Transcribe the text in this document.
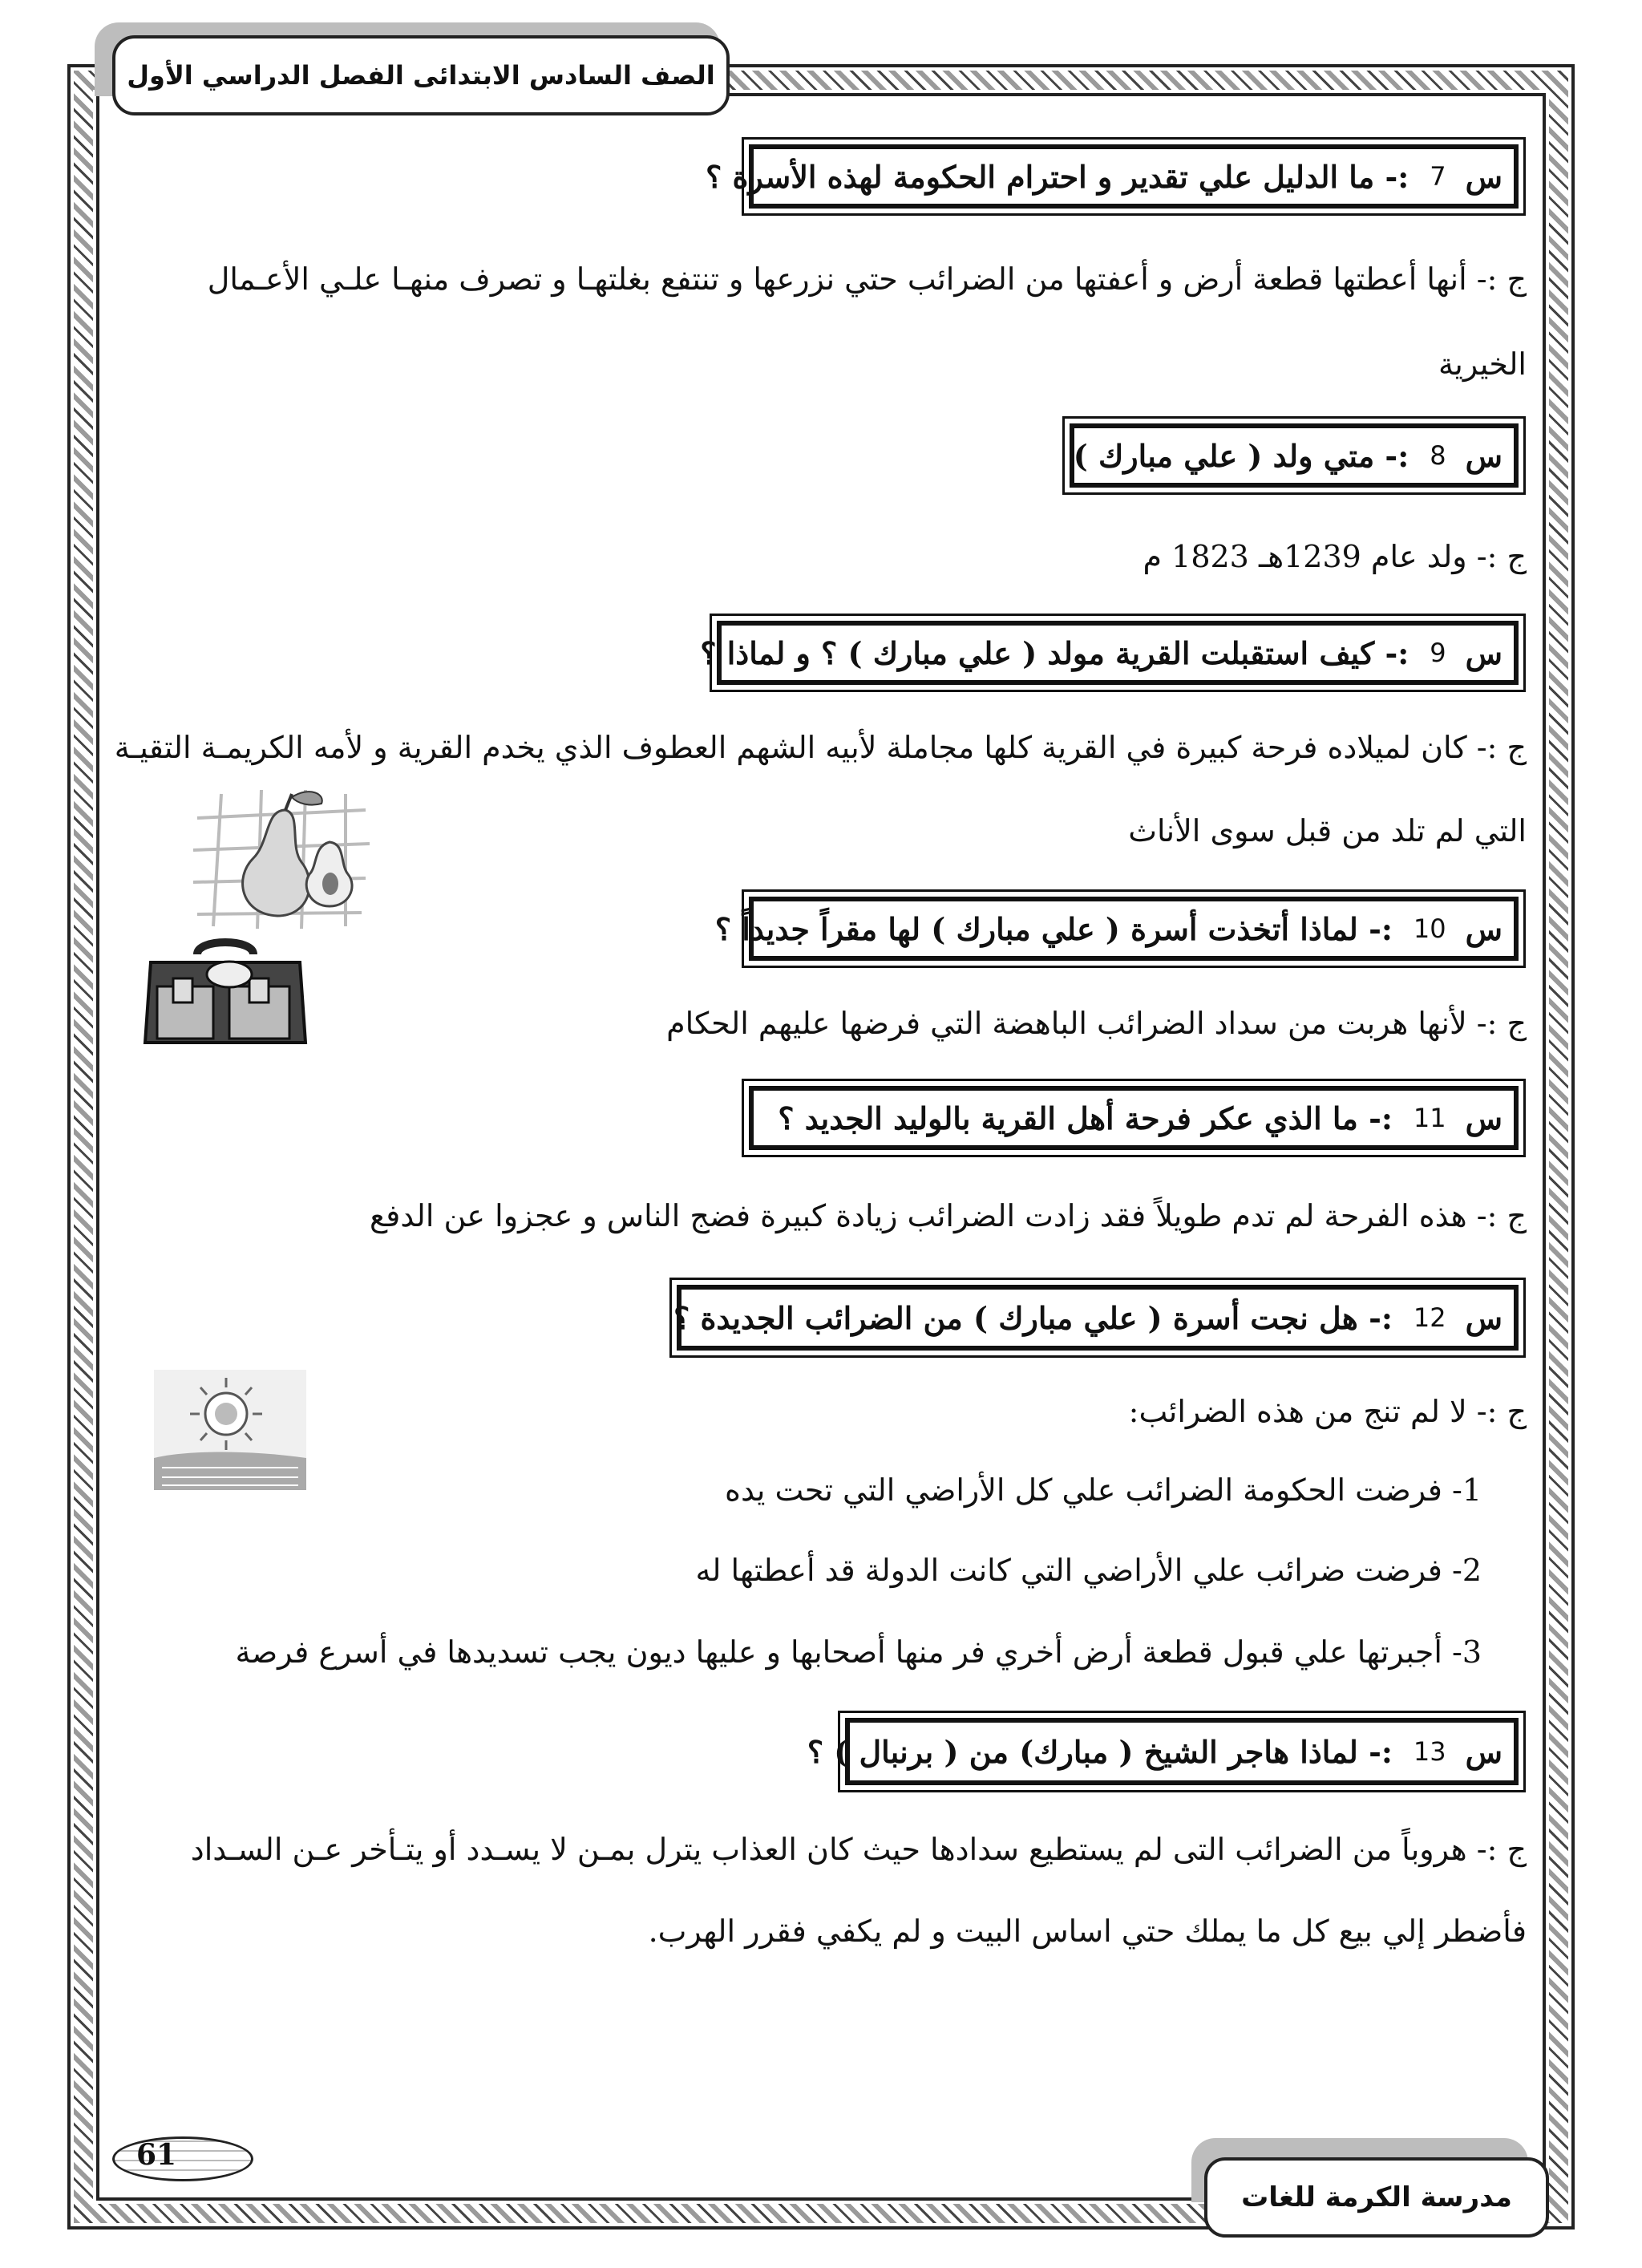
الصف السادس الابتدائى الفصل الدراسي الأول
س
7
:- ما الدليل علي تقدير و احترام الحكومة لهذه الأسرة ؟
ج :- أنها أعطتها قطعة أرض و أعفتها من الضرائب حتي نزرعها و تنتفع بغلتهـا و تصرف منهـا علـي الأعـمال
الخيرية
س
8
:- متي ولد ( علي مبارك )
ج :- ولد عام 1239هـ 1823 م
س
9
:- كيف استقبلت القرية مولد ( علي مبارك ) ؟ و لماذا ؟
ج :- كان لميلاده فرحة كبيرة في القرية كلها مجاملة لأبيه الشهم العطوف الذي يخدم القرية و لأمه الكريمـة التقيـة
التي لم تلد من قبل سوى الأناث
س
10
:- لماذا أتخذت أسرة ( علي مبارك ) لها مقراً جديداً ؟
ج :- لأنها هربت من سداد الضرائب الباهضة التي فرضها عليهم الحكام
س
11
:- ما الذي عكر فرحة أهل القرية بالوليد الجديد ؟
ج :- هذه الفرحة لم تدم طويلاً فقد زادت الضرائب زيادة كبيرة فضج الناس و عجزوا عن الدفع
س
12
:- هل نجت أسرة ( علي مبارك ) من الضرائب الجديدة ؟
ج :- لا لم تنج من هذه الضرائب:
1- فرضت الحكومة الضرائب علي كل الأراضي التي تحت يده
2- فرضت ضرائب علي الأراضي التي كانت الدولة قد أعطتها له
3- أجبرتها علي قبول قطعة أرض أخري فر منها أصحابها و عليها ديون يجب تسديدها في أسرع فرصة
س
13
:- لماذا هاجر الشيخ ( مبارك) من ( برنبال ) ؟
ج :- هروباً من الضرائب التى لم يستطيع سدادها حيث كان العذاب يترل بمـن لا يسـدد أو يتـأخر عـن السـداد
فأضطر إلي بيع كل ما يملك حتي اساس البيت و لم يكفي فقرر الهرب.
61
مدرسة الكرمة للغات
